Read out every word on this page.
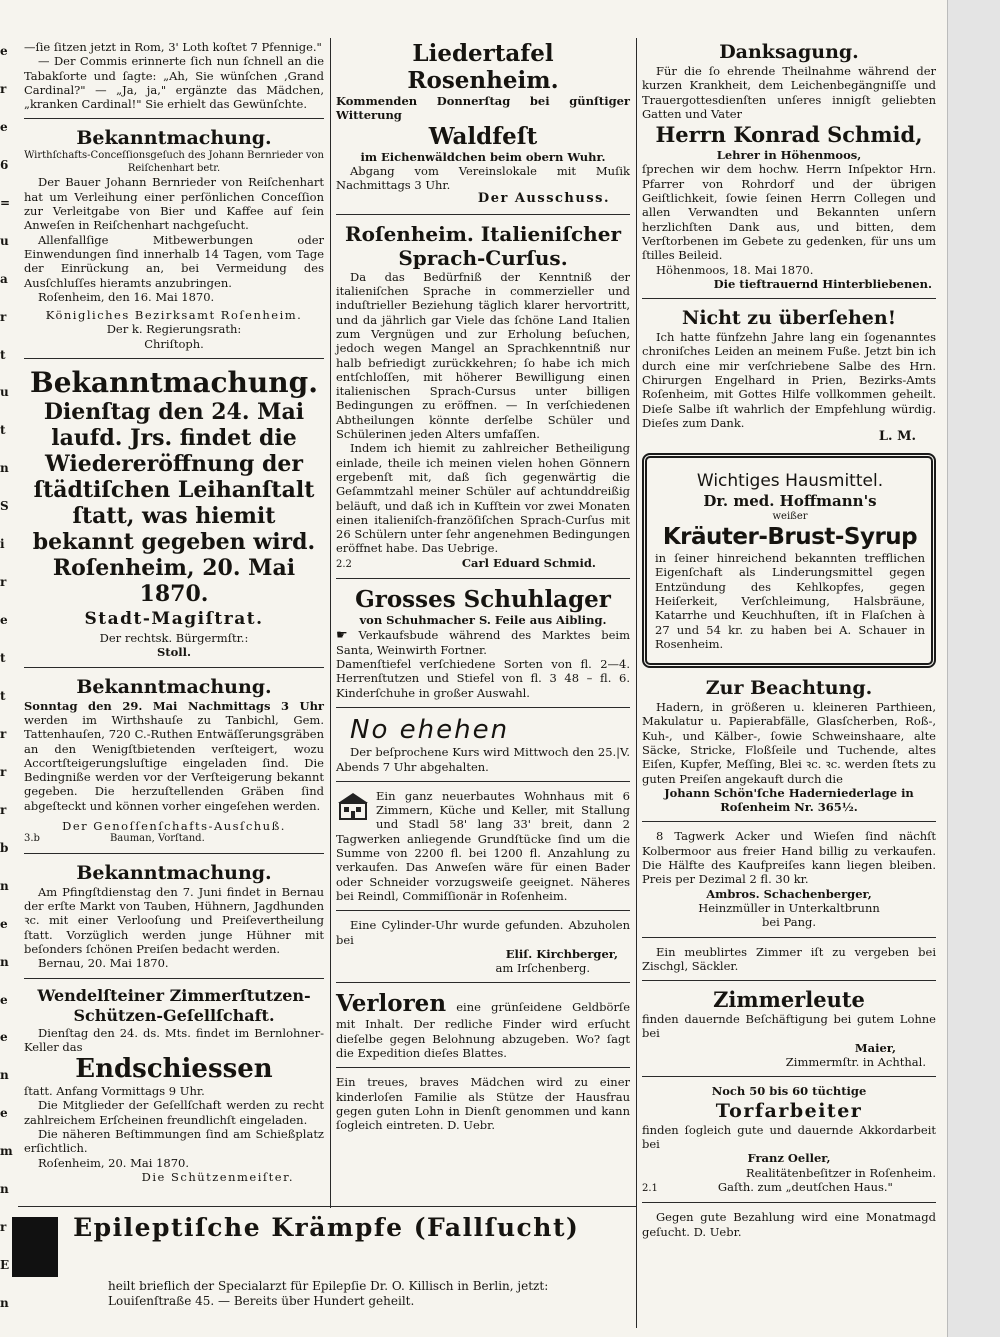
e
r
e
6
=
u
a
r
t
u
t
n
S
i
r
e
t
t
r
r
r
b
n
e
n
e
e
n
e
m
n
r
E
n

—ſie ſitzen jetzt in Rom, 3' Loth koſtet 7 Pfennige."

— Der Commis erinnerte ſich nun ſchnell an die Tabakſorte und ſagte: „Ah, Sie wünſchen ‚Grand Cardinal?" — „Ja, ja," ergänzte das Mädchen, „kranken Cardinal!" Sie erhielt das Gewünſchte.

Bekanntmachung.

Wirthſchafts-Conceſſionsgeſuch des Johann Bernrieder von Reiſchenhart betr.

Der Bauer Johann Bernrieder von Reiſchenhart hat um Verleihung einer perſönlichen Conceſſion zur Verleitgabe von Bier und Kaffee auf ſein Anweſen in Reiſchenhart nachgeſucht.

Allenfallſige Mitbewerbungen oder Einwendungen ſind innerhalb 14 Tagen, vom Tage der Einrückung an, bei Vermeidung des Ausſchluſſes hieramts anzubringen.

Roſenheim, den 16. Mai 1870.

Königliches Bezirksamt Roſenheim.

Der k. Regierungsrath:

Chriſtoph.

Bekanntmachung.

Dienſtag den 24. Mai laufd. Jrs. findet die Wiedereröffnung der ſtädtiſchen Leihanſtalt ſtatt, was hiemit bekannt gegeben wird.

Roſenheim, 20. Mai 1870.

Stadt-Magiſtrat.

Der rechtsk. Bürgermſtr.:

Stoll.

Bekanntmachung.

Sonntag den 29. Mai Nachmittags 3 Uhr werden im Wirthshauſe zu Tanbichl, Gem. Tattenhauſen, 720 C.-Ruthen Entwäſſerungsgräben an den Wenigſtbietenden verſteigert, wozu Accortſteigerungsluſtige eingeladen ſind. Die Bedingniße werden vor der Verſteigerung bekannt gegeben. Die herzuſtellenden Gräben ſind abgeſteckt und können vorher eingeſehen werden.

Der Genoſſenſchafts-Ausſchuß.

3.b	Bauman, Vorſtand.

Bekanntmachung.

Am Pfingſtdienstag den 7. Juni findet in Bernau der erſte Markt von Tauben, Hühnern, Jagdhunden ꝛc. mit einer Verlooſung und Preiſevertheilung ſtatt. Vorzüglich werden junge Hühner mit beſonders ſchönen Preiſen bedacht werden.

Bernau, 20. Mai 1870.

Wendelſteiner Zimmerſtutzen-Schützen-Geſellſchaft.

Dienſtag den 24. ds. Mts. findet im Bernlohner-Keller das

Endschiessen

ſtatt. Anfang Vormittags 9 Uhr.

Die Mitglieder der Geſellſchaft werden zu recht zahlreichem Erſcheinen freundlichſt eingeladen.

Die näheren Beſtimmungen ſind am Schießplatz erſichtlich.

Roſenheim, 20. Mai 1870.

Die Schützenmeiſter.

Liedertafel Rosenheim.

Kommenden Donnerſtag bei günſtiger Witterung

Waldfeſt

im Eichenwäldchen beim obern Wuhr.

Abgang vom Vereinslokale mit Muſik Nachmittags 3 Uhr.

Der Ausschuss.

Roſenheim. Italieniſcher Sprach-Curſus.

Da das Bedürfniß der Kenntniß der italieniſchen Sprache in commerzieller und induſtrieller Beziehung täglich klarer hervortritt, und da jährlich gar Viele das ſchöne Land Italien zum Vergnügen und zur Erholung beſuchen, jedoch wegen Mangel an Sprachkenntniß nur halb befriedigt zurückkehren; ſo habe ich mich entſchloſſen, mit höherer Bewilligung einen italienischen Sprach-Cursus unter billigen Bedingungen zu eröffnen. — In verſchiedenen Abtheilungen könnte derſelbe Schüler und Schülerinen jeden Alters umfaſſen.

Indem ich hiemit zu zahlreicher Betheiligung einlade, theile ich meinen vielen hohen Gönnern ergebenſt mit, daß ſich gegenwärtig die Geſammtzahl meiner Schüler auf achtunddreißig beläuft, und daß ich in Kufſtein vor zwei Monaten einen italieniſch-franzöſiſchen Sprach-Curſus mit 26 Schülern unter ſehr angenehmen Bedingungen eröffnet habe. Das Uebrige.

2.2	Carl Eduard Schmid.

Grosses Schuhlager

von Schuhmacher S. Feile aus Aibling.

☛ Verkaufsbude während des Marktes beim Santa, Weinwirth Fortner.

Damenſtiefel verſchiedene Sorten von fl. 2—4. Herrenſtutzen und Stiefel von fl. 3 48 – fl. 6. Kinderſchuhe in großer Auswahl.

No ehehen

Der beſprochene Kurs wird Mittwoch den 25.|V. Abends 7 Uhr abgehalten.

Ein ganz neuerbautes Wohnhaus mit 6 Zimmern, Küche und Keller, mit Stallung und Stadl 58' lang 33' breit, dann 2 Tagwerken anliegende Grundſtücke ſind um die Summe von 2200 fl. bei 1200 fl. Anzahlung zu verkaufen. Das Anweſen wäre für einen Bader oder Schneider vorzugsweiſe geeignet. Näheres bei Reindl, Commiſſionär in Roſenheim.

Eine Cylinder-Uhr wurde gefunden. Abzuholen bei

Eliſ. Kirchberger,

am Irſchenberg.

Verloren eine grünſeidene Geldbörſe mit Inhalt. Der redliche Finder wird erſucht dieſelbe gegen Belohnung abzugeben. Wo? ſagt die Expedition dieſes Blattes.

Ein treues, braves Mädchen wird zu einer kinderloſen Familie als Stütze der Hausfrau gegen guten Lohn in Dienſt genommen und kann ſogleich eintreten. D. Uebr.

Danksagung.

Für die ſo ehrende Theilnahme während der kurzen Krankheit, dem Leichenbegängniſſe und Trauergottesdienſten unſeres innigſt geliebten Gatten und Vater

Herrn Konrad Schmid,

Lehrer in Höhenmoos,

ſprechen wir dem hochw. Herrn Inſpektor Hrn. Pfarrer von Rohrdorf und der übrigen Geiſtlichkeit, ſowie ſeinen Herrn Collegen und allen Verwandten und Bekannten unſern herzlichſten Dank aus, und bitten, dem Verſtorbenen im Gebete zu gedenken, für uns um ſtilles Beileid.

Höhenmoos, 18. Mai 1870.

Die tieftrauernd Hinterbliebenen.

Nicht zu überſehen!

Ich hatte fünfzehn Jahre lang ein ſogenanntes chroniſches Leiden an meinem Fuße. Jetzt bin ich durch eine mir verſchriebene Salbe des Hrn. Chirurgen Engelhard in Prien, Bezirks-Amts Roſenheim, mit Gottes Hilfe vollkommen geheilt. Dieſe Salbe iſt wahrlich der Empfehlung würdig. Dieſes zum Dank.

L. M.

Wichtiges Hausmittel.

Dr. med. Hoffmann's

weißer

Kräuter-Brust-Syrup

in ſeiner hinreichend bekannten trefflichen Eigenſchaft als Linderungsmittel gegen Entzündung des Kehlkopfes, gegen Heiſerkeit, Verſchleimung, Halsbräune, Katarrhe und Keuchhuſten, iſt in Flaſchen à 27 und 54 kr. zu haben bei A. Schauer in Rosenheim.

Zur Beachtung.

Hadern, in größeren u. kleineren Parthieen, Makulatur u. Papierabfälle, Glasſcherben, Roß-, Kuh-, und Kälber-, ſowie Schweinshaare, alte Säcke, Stricke, Floßſeile und Tuchende, altes Eiſen, Kupfer, Meſſing, Blei ꝛc. ꝛc. werden ſtets zu guten Preiſen angekauft durch die

Johann Schön'ſche Haderniederlage in Roſenheim Nr. 365½.

8 Tagwerk Acker und Wieſen ſind nächſt Kolbermoor aus freier Hand billig zu verkaufen. Die Hälfte des Kaufpreiſes kann liegen bleiben. Preis per Dezimal 2 fl. 30 kr.

Ambros. Schachenberger,

Heinzmüller in Unterkaltbrunn

bei Pang.

Ein meublirtes Zimmer iſt zu vergeben bei Zischgl, Säckler.

Zimmerleute

finden dauernde Beſchäftigung bei gutem Lohne bei

Maier,

Zimmermſtr. in Achthal.

Noch 50 bis 60 tüchtige

Torfarbeiter

finden ſogleich gute und dauernde Akkordarbeit bei

Franz Oeller,

Realitätenbeſitzer in Roſenheim.

2.1	Gaſth. zum „deutſchen Haus."

Gegen gute Bezahlung wird eine Monatmagd geſucht. D. Uebr.

Epileptiſche Krämpfe (Fallſucht)

heilt brieflich der Specialarzt für Epilepſie Dr. O. Killisch in Berlin, jetzt: Louiſenſtraße 45. — Bereits über Hundert geheilt.
